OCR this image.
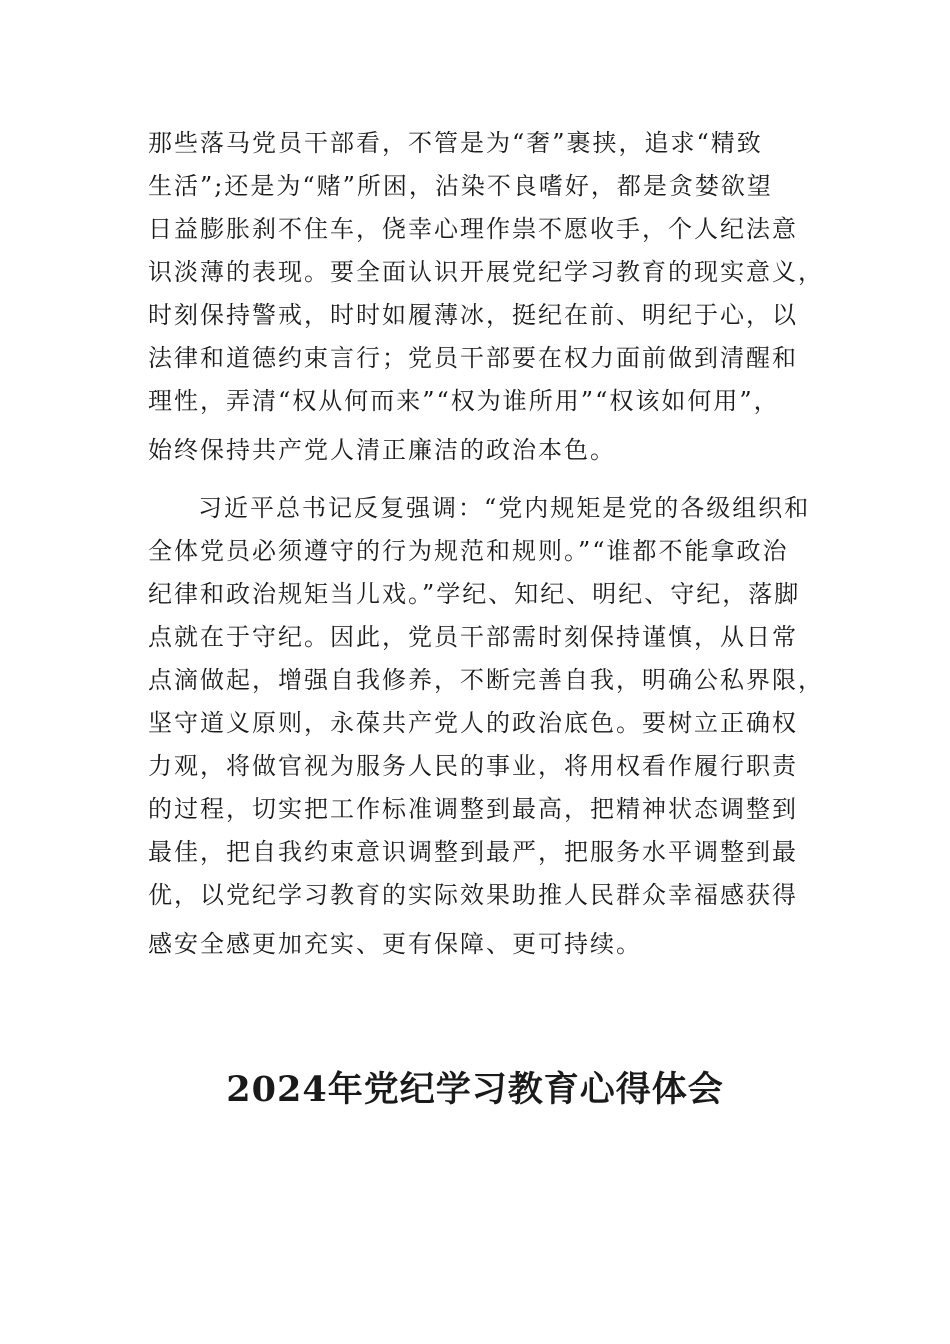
那些落马党员干部看，不管是为“奢”裹挟，追求“精致
生活”;还是为“赌”所困，沾染不良嗜好，都是贪婪欲望
日益膨胀刹不住车，侥幸心理作祟不愿收手，个人纪法意
识淡薄的表现。要全面认识开展党纪学习教育的现实意义，
时刻保持警戒，时时如履薄冰，挺纪在前、明纪于心，以
法律和道德约束言行；党员干部要在权力面前做到清醒和
理性，弄清“权从何而来”“权为谁所用”“权该如何用”，
始终保持共产党人清正廉洁的政治本色。
习近平总书记反复强调：“党内规矩是党的各级组织和
全体党员必须遵守的行为规范和规则。”“谁都不能拿政治
纪律和政治规矩当儿戏。”学纪、知纪、明纪、守纪，落脚
点就在于守纪。因此，党员干部需时刻保持谨慎，从日常
点滴做起，增强自我修养，不断完善自我，明确公私界限，
坚守道义原则，永葆共产党人的政治底色。要树立正确权
力观，将做官视为服务人民的事业，将用权看作履行职责
的过程，切实把工作标准调整到最高，把精神状态调整到
最佳，把自我约束意识调整到最严，把服务水平调整到最
优，以党纪学习教育的实际效果助推人民群众幸福感获得
感安全感更加充实、更有保障、更可持续。
2024年党纪学习教育心得体会
